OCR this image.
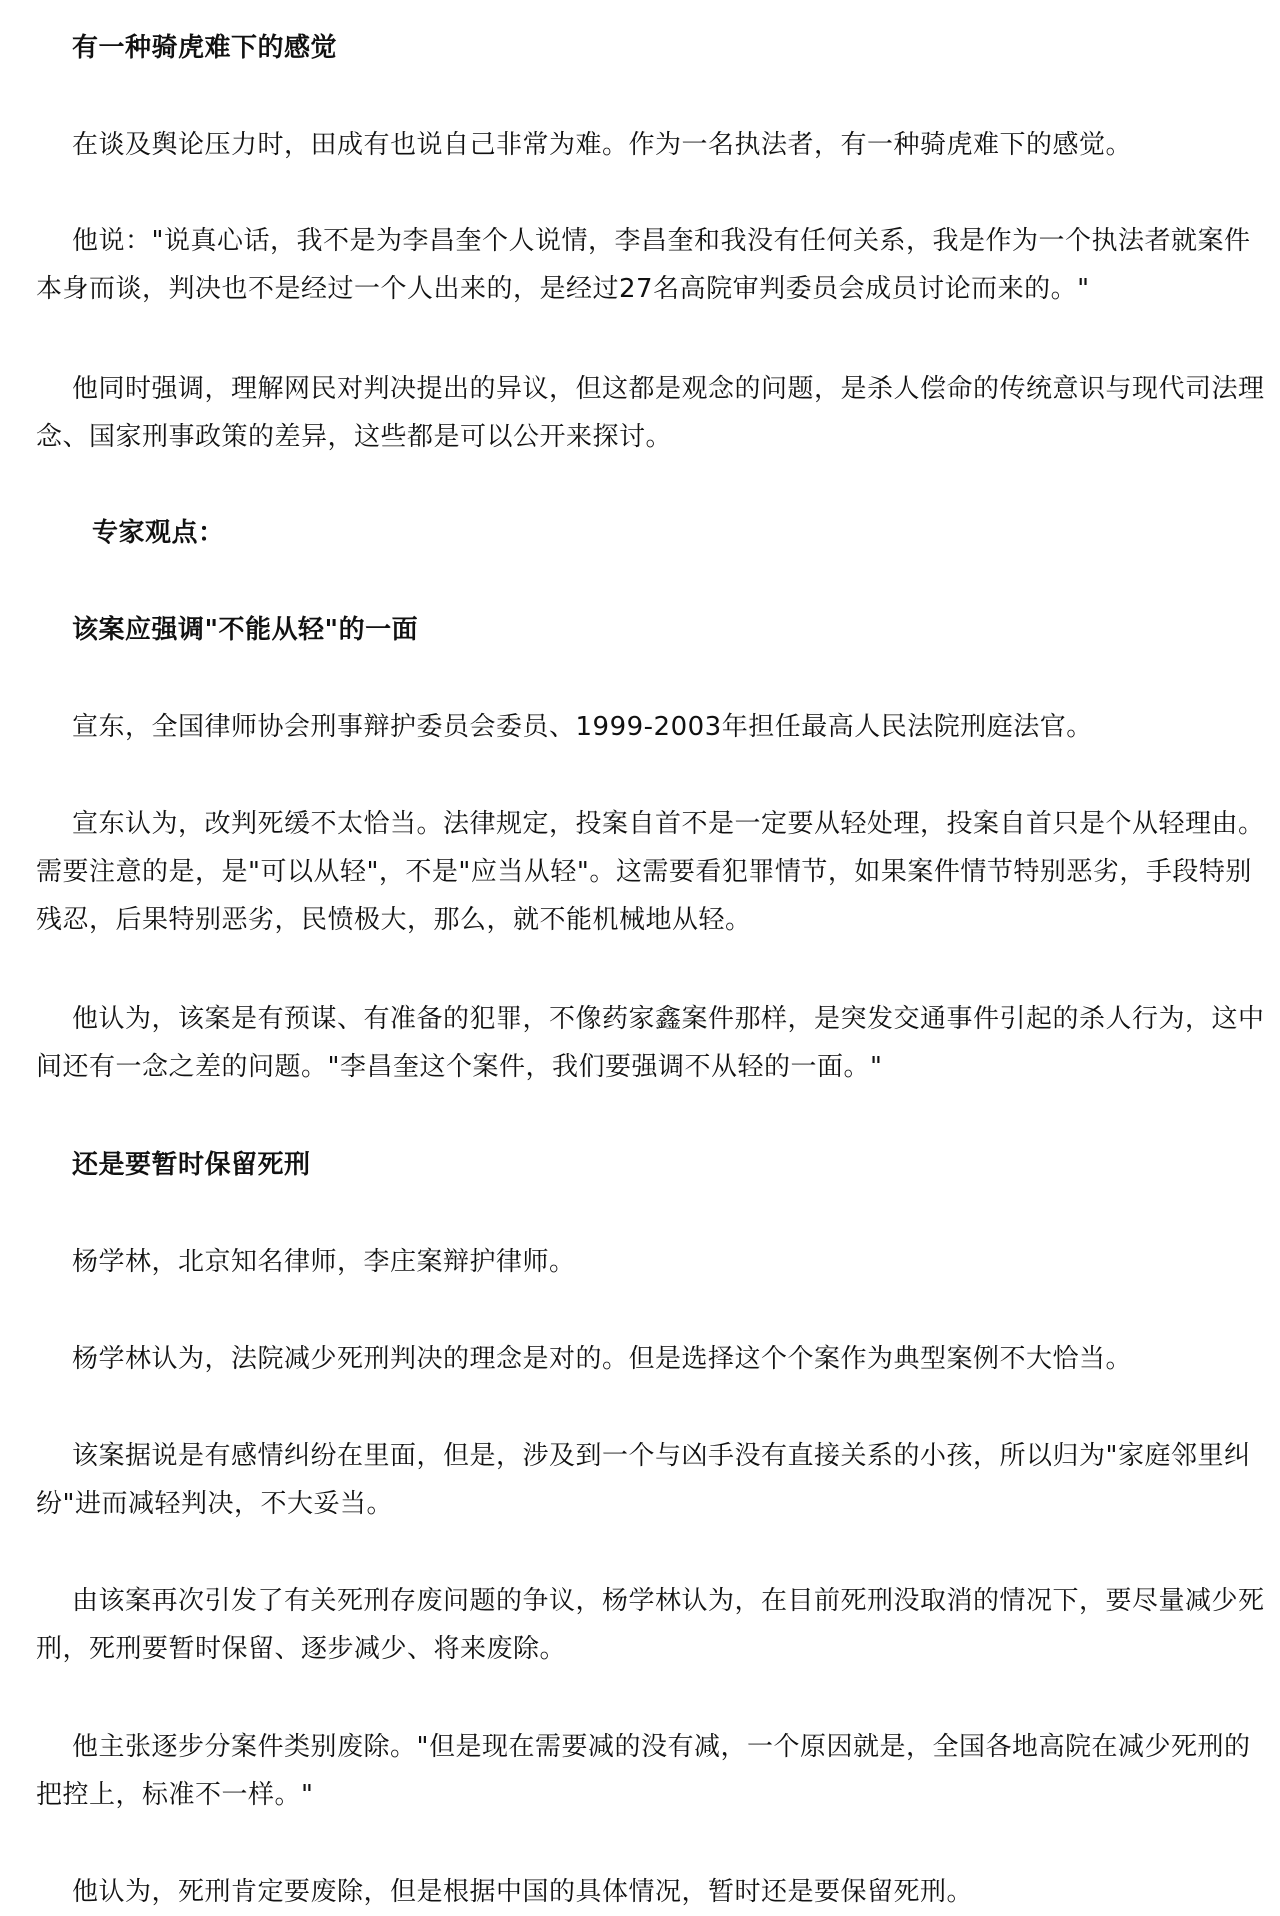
有一种骑虎难下的感觉
在谈及舆论压力时，田成有也说自己非常为难。作为一名执法者，有一种骑虎难下的感觉。
他说："说真心话，我不是为李昌奎个人说情，李昌奎和我没有任何关系，我是作为一个执法者就案件本身而谈，判决也不是经过一个人出来的，是经过27名高院审判委员会成员讨论而来的。"
他同时强调，理解网民对判决提出的异议，但这都是观念的问题，是杀人偿命的传统意识与现代司法理念、国家刑事政策的差异，这些都是可以公开来探讨。
专家观点：
该案应强调"不能从轻"的一面
宣东，全国律师协会刑事辩护委员会委员、1999-2003年担任最高人民法院刑庭法官。
宣东认为，改判死缓不太恰当。法律规定，投案自首不是一定要从轻处理，投案自首只是个从轻理由。需要注意的是，是"可以从轻"，不是"应当从轻"。这需要看犯罪情节，如果案件情节特别恶劣，手段特别残忍，后果特别恶劣，民愤极大，那么，就不能机械地从轻。
他认为，该案是有预谋、有准备的犯罪，不像药家鑫案件那样，是突发交通事件引起的杀人行为，这中间还有一念之差的问题。"李昌奎这个案件，我们要强调不从轻的一面。"
还是要暂时保留死刑
杨学林，北京知名律师，李庄案辩护律师。
杨学林认为，法院减少死刑判决的理念是对的。但是选择这个个案作为典型案例不大恰当。
该案据说是有感情纠纷在里面，但是，涉及到一个与凶手没有直接关系的小孩，所以归为"家庭邻里纠纷"进而减轻判决，不大妥当。
由该案再次引发了有关死刑存废问题的争议，杨学林认为，在目前死刑没取消的情况下，要尽量减少死刑，死刑要暂时保留、逐步减少、将来废除。
他主张逐步分案件类别废除。"但是现在需要减的没有减，一个原因就是，全国各地高院在减少死刑的把控上，标准不一样。"
他认为，死刑肯定要废除，但是根据中国的具体情况，暂时还是要保留死刑。
